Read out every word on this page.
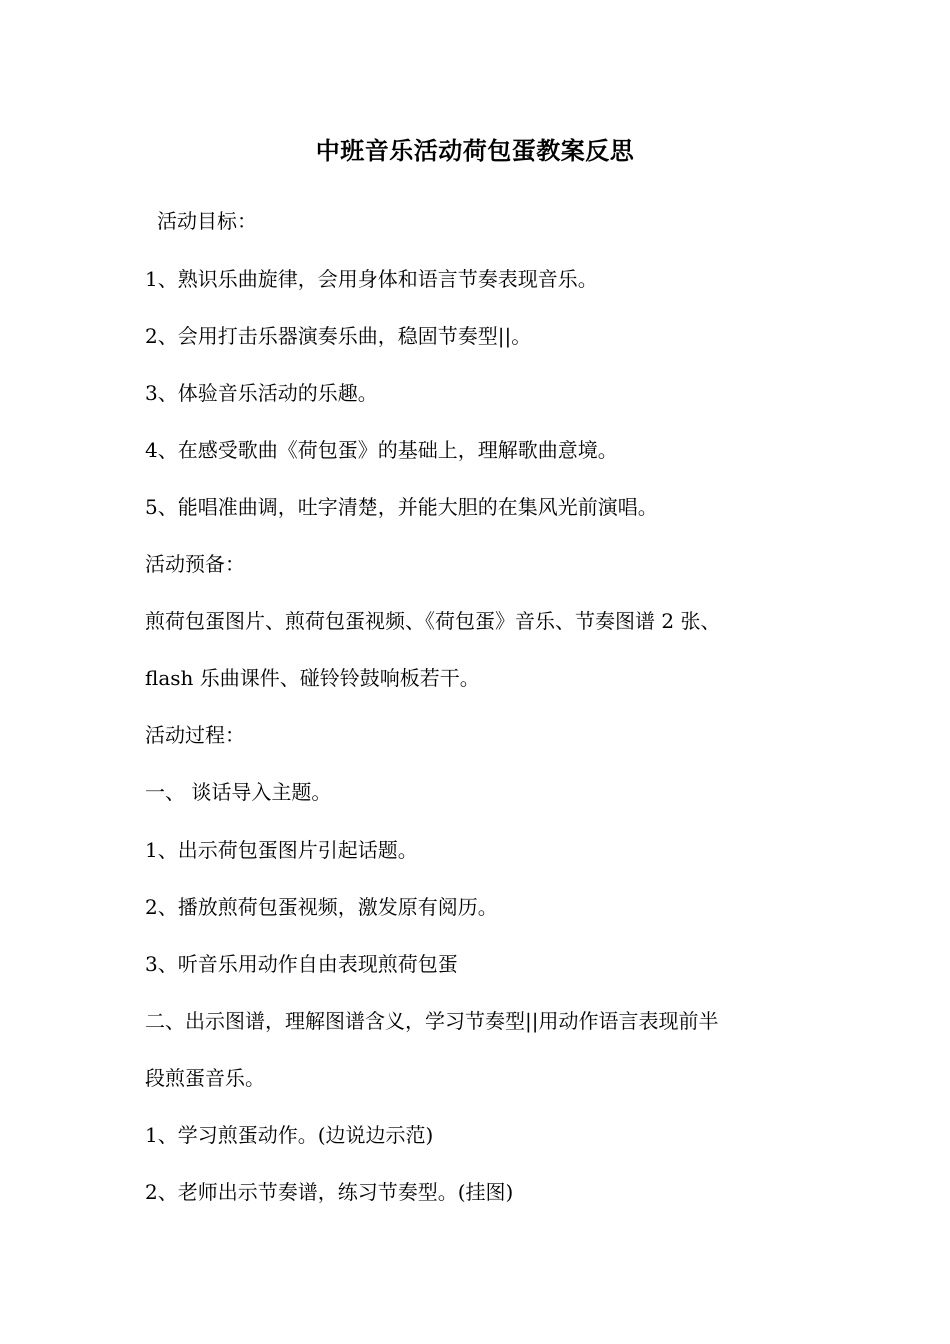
中班音乐活动荷包蛋教案反思
活动目标：
1、熟识乐曲旋律，会用身体和语言节奏表现音乐。
2、会用打击乐器演奏乐曲，稳固节奏型||。
3、体验音乐活动的乐趣。
4、在感受歌曲《荷包蛋》的基础上，理解歌曲意境。
5、能唱准曲调，吐字清楚，并能大胆的在集风光前演唱。
活动预备：
煎荷包蛋图片、煎荷包蛋视频、《荷包蛋》音乐、节奏图谱 2 张、
flash 乐曲课件、碰铃铃鼓响板若干。
活动过程：
一、 谈话导入主题。
1、出示荷包蛋图片引起话题。
2、播放煎荷包蛋视频，激发原有阅历。
3、听音乐用动作自由表现煎荷包蛋
二、出示图谱，理解图谱含义，学习节奏型||用动作语言表现前半
段煎蛋音乐。
1、学习煎蛋动作。(边说边示范)
2、老师出示节奏谱，练习节奏型。(挂图)
